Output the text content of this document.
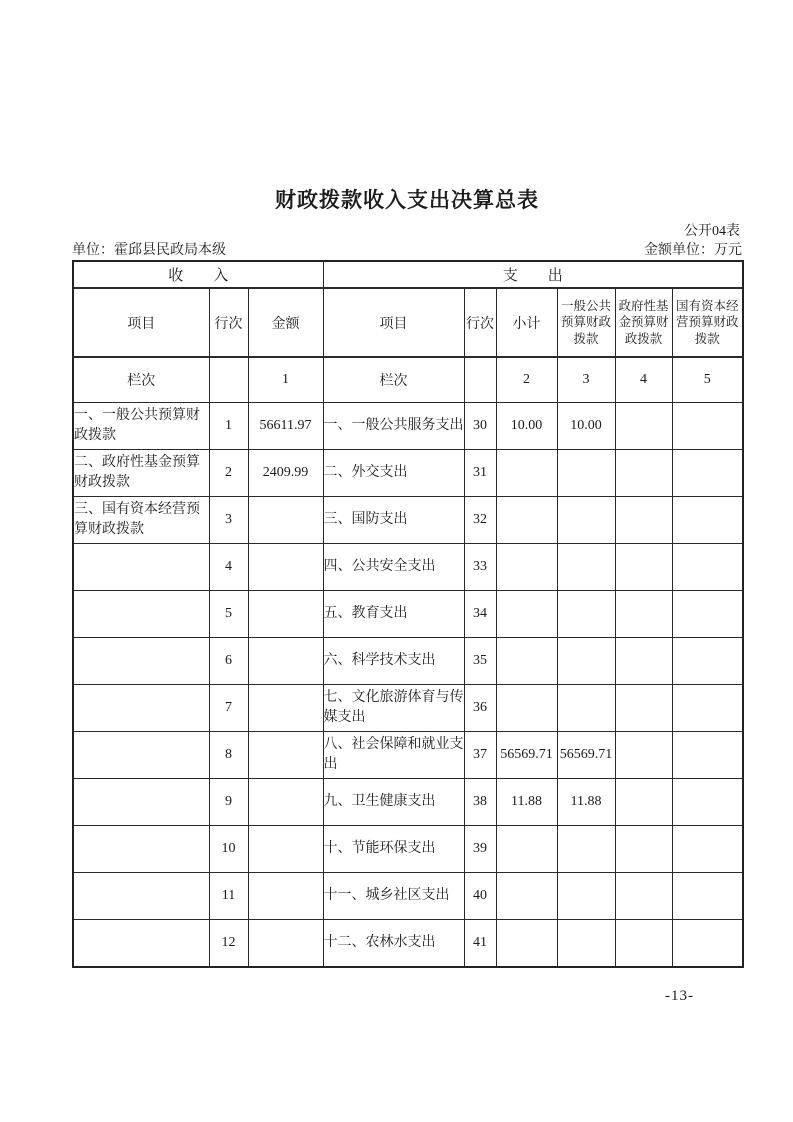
财政拨款收入支出决算总表
公开04表
单位：霍邱县民政局本级	金额单位：万元
收　　入			支　　出					
项目	行次	金额	项目	行次	小计	一般公共预算财政拨款	政府性基金预算财政拨款	国有资本经营预算财政拨款
栏次		1	栏次		2	3	4	5
一、一般公共预算财政拨款	1	56611.97	一、一般公共服务支出	30	10.00	10.00		
二、政府性基金预算财政拨款	2	2409.99	二、外交支出	31				
三、国有资本经营预算财政拨款	3		三、国防支出	32				
	4		四、公共安全支出	33				
	5		五、教育支出	34				
	6		六、科学技术支出	35				
	7		七、文化旅游体育与传媒支出	36				
	8		八、社会保障和就业支出	37	56569.71	56569.71		
	9		九、卫生健康支出	38	11.88	11.88		
	10		十、节能环保支出	39				
	11		十一、城乡社区支出	40				
	12		十二、农林水支出	41				
-13-
